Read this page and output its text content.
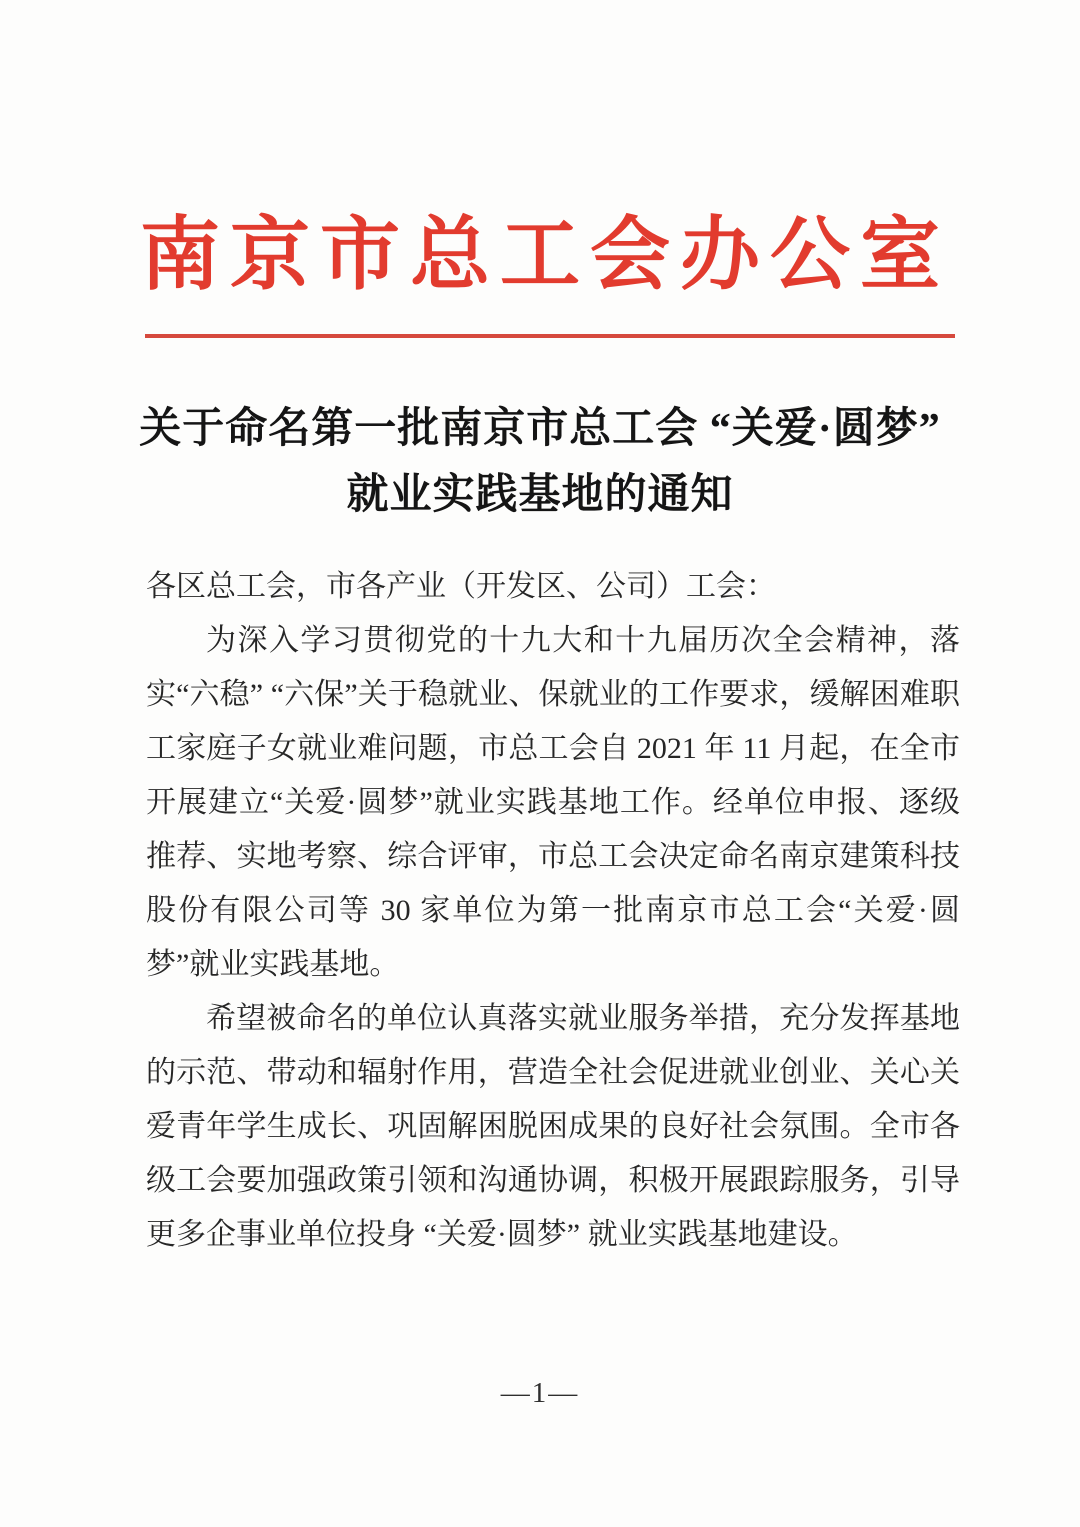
南京市总工会办公室
关于命名第一批南京市总工会 “关爱·圆梦”
就业实践基地的通知

各区总工会，市各产业（开发区、公司）工会：

为深入学习贯彻党的十九大和十九届历次全会精神，落实“六稳” “六保”关于稳就业、保就业的工作要求，缓解困难职工家庭子女就业难问题，市总工会自 2021 年 11 月起，在全市开展建立“关爱·圆梦”就业实践基地工作。经单位申报、逐级推荐、实地考察、综合评审，市总工会决定命名南京建策科技股份有限公司等 30 家单位为第一批南京市总工会“关爱·圆梦”就业实践基地。

希望被命名的单位认真落实就业服务举措，充分发挥基地的示范、带动和辐射作用，营造全社会促进就业创业、关心关爱青年学生成长、巩固解困脱困成果的良好社会氛围。全市各级工会要加强政策引领和沟通协调，积极开展跟踪服务，引导更多企事业单位投身 “关爱·圆梦” 就业实践基地建设。

—1—
